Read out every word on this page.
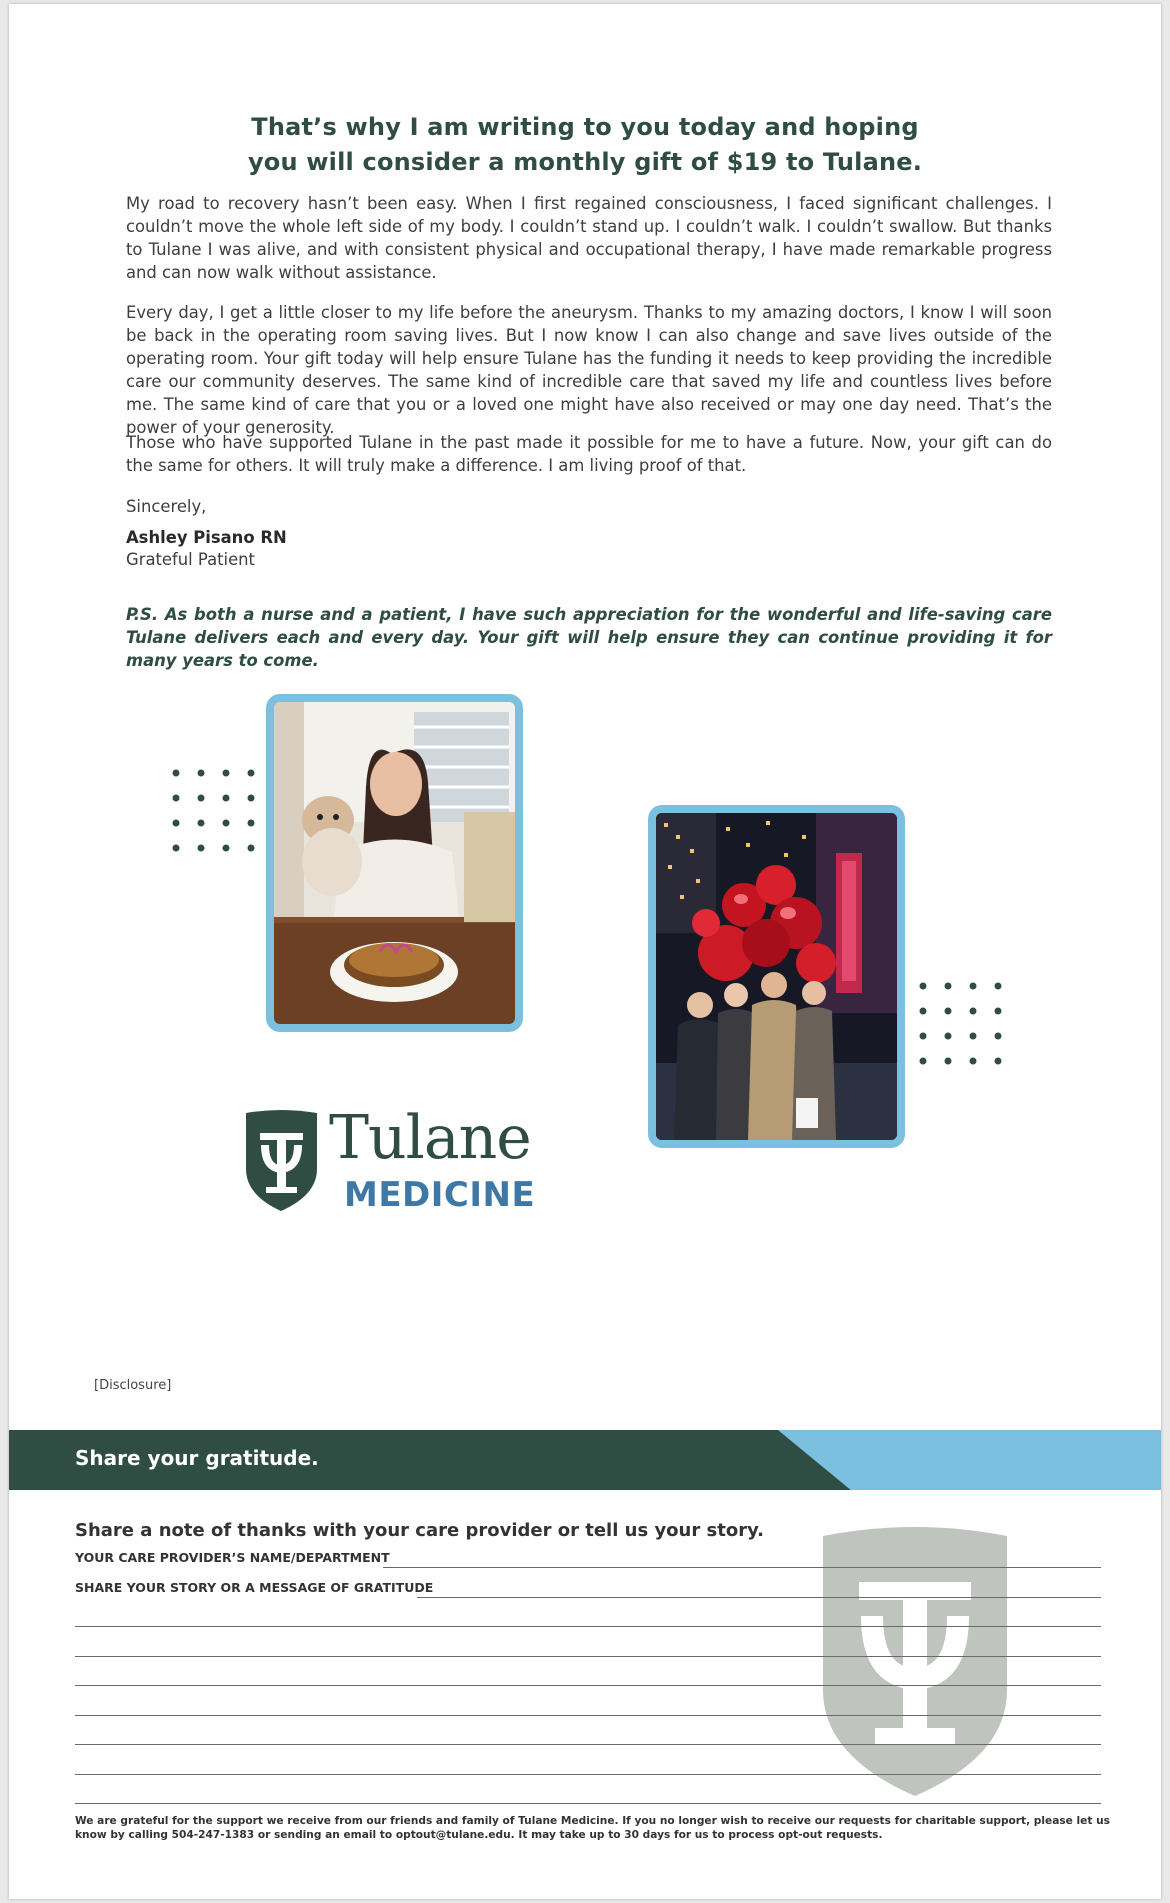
That’s why I am writing to you today and hoping
you will consider a monthly gift of $19 to Tulane.

My road to recovery hasn’t been easy. When I first regained consciousness, I faced significant challenges. I couldn’t move the whole left side of my body. I couldn’t stand up. I couldn’t walk. I couldn’t swallow. But thanks to Tulane I was alive, and with consistent physical and occupational therapy, I have made remarkable progress and can now walk without assistance.

Every day, I get a little closer to my life before the aneurysm. Thanks to my amazing doctors, I know I will soon be back in the operating room saving lives. But I now know I can also change and save lives outside of the operating room. Your gift today will help ensure Tulane has the funding it needs to keep providing the incredible care our community deserves. The same kind of incredible care that saved my life and countless lives before me. The same kind of care that you or a loved one might have also received or may one day need. That’s the power of your generosity.

Those who have supported Tulane in the past made it possible for me to have a future. Now, your gift can do the same for others. It will truly make a difference. I am living proof of that.

Sincerely,

Ashley Pisano RN

Grateful Patient

P.S. As both a nurse and a patient, I have such appreciation for the wonderful and life-saving care Tulane delivers each and every day. Your gift will help ensure they can continue providing it for many years to come.

Tulane
MEDICINE
[Disclosure]
Share your gratitude.
Share a note of thanks with your care provider or tell us your story.
YOUR CARE PROVIDER’S NAME/DEPARTMENT
SHARE YOUR STORY OR A MESSAGE OF GRATITUDE

We are grateful for the support we receive from our friends and family of Tulane Medicine. If you no longer wish to receive our requests for charitable support, please let us know by calling 504-247-1383 or sending an email to optout@tulane.edu. It may take up to 30 days for us to process opt-out requests.
